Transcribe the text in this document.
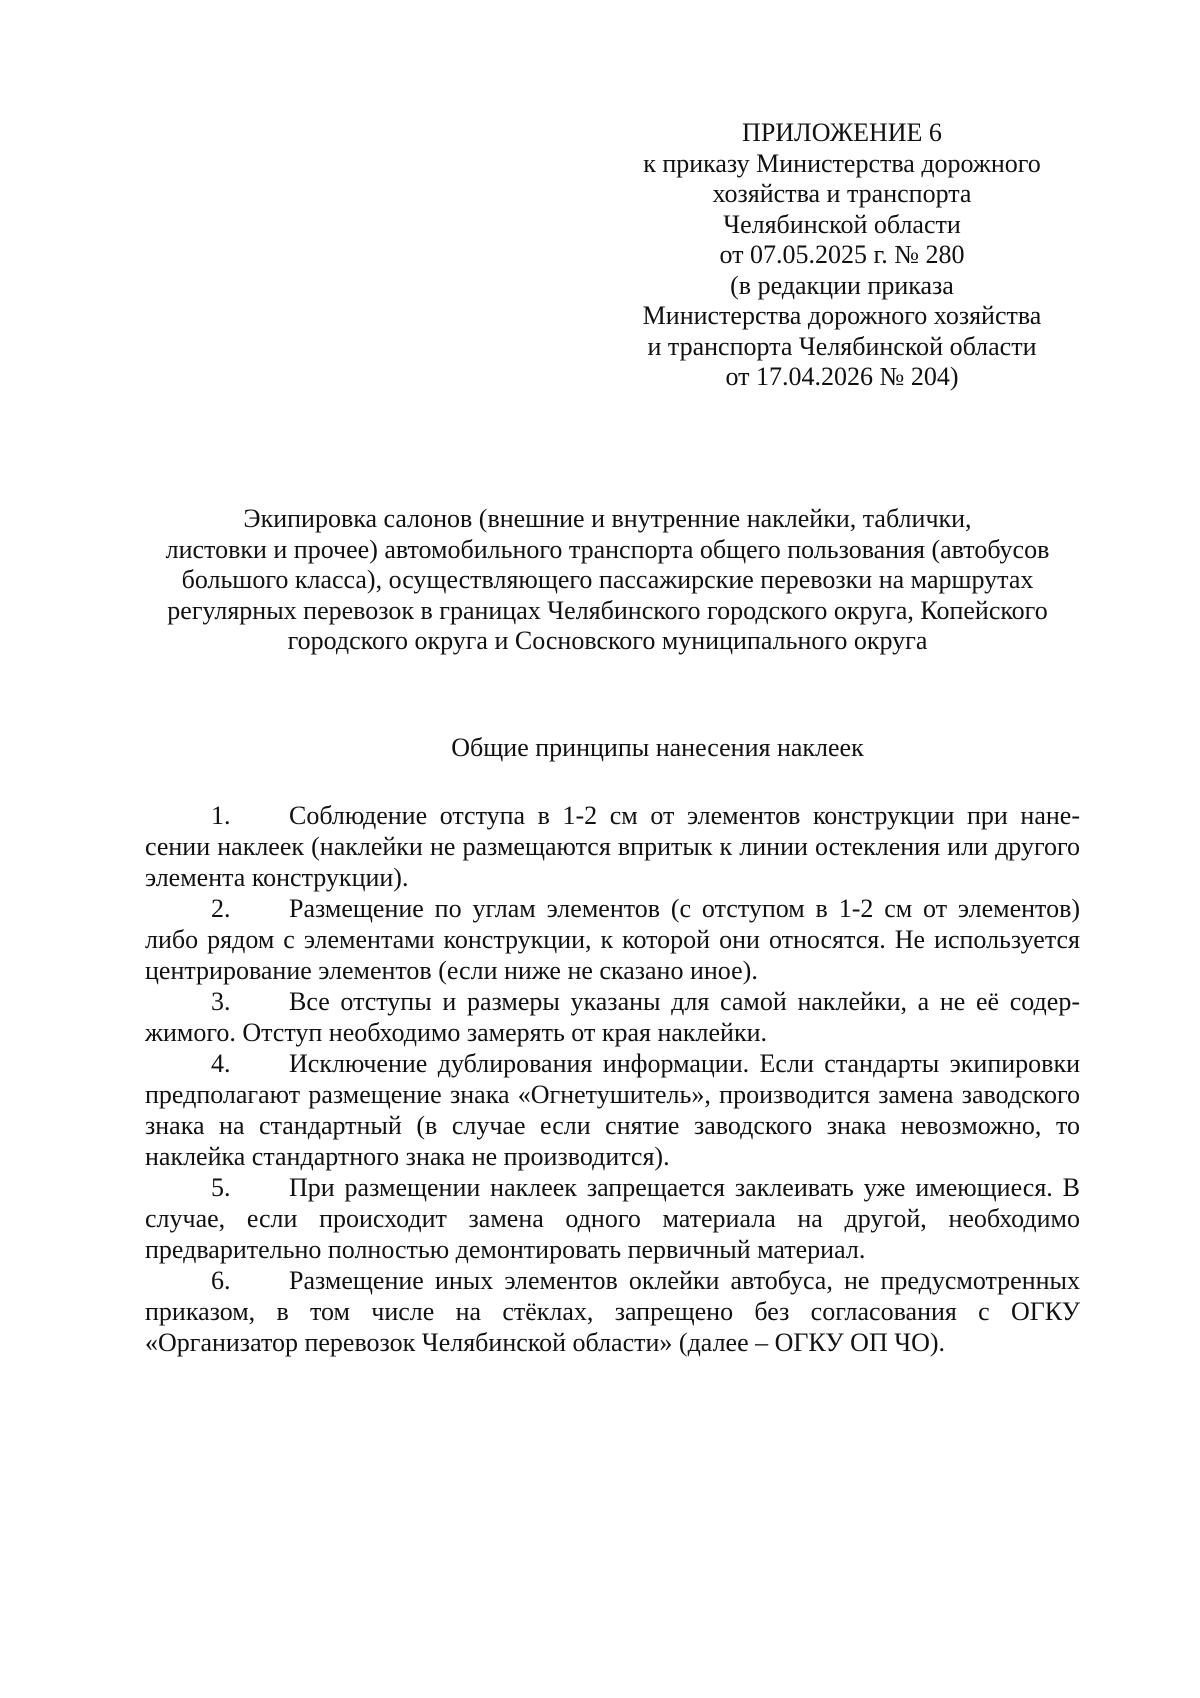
ПРИЛОЖЕНИЕ 6
к приказу Министерства дорожного
хозяйства и транспорта
Челябинской области
от 07.05.2025 г. № 280
(в редакции приказа
Министерства дорожного хозяйства
и транспорта Челябинской области
от 17.04.2026 № 204)
Экипировка салонов (внешние и внутренние наклейки, таблички,
листовки и прочее) автомобильного транспорта общего пользования (автобусов
большого класса), осуществляющего пассажирские перевозки на маршрутах
регулярных перевозок в границах Челябинского городского округа, Копейского
городского округа и Сосновского муниципального округа
Общие принципы нанесения наклеек

1. Соблюдение отступа в 1-2 см от элементов конструкции при нанесении наклеек (наклейки не размещаются впритык к линии остекления или другого элемента конструкции).

2. Размещение по углам элементов (с отступом в 1-2 см от элементов) либо рядом с элементами конструкции, к которой они относятся. Не используется центрирование элементов (если ниже не сказано иное).

3. Все отступы и размеры указаны для самой наклейки, а не её содержимого. Отступ необходимо замерять от края наклейки.

4. Исключение дублирования информации. Если стандарты экипировки предполагают размещение знака «Огнетушитель», производится замена заводского знака на стандартный (в случае если снятие заводского знака невозможно, то наклейка стандартного знака не производится).

5. При размещении наклеек запрещается заклеивать уже имеющиеся. В случае, если происходит замена одного материала на другой, необходимо предварительно полностью демонтировать первичный материал.

6. Размещение иных элементов оклейки автобуса, не предусмотренных приказом, в том числе на стёклах, запрещено без согласования с ОГКУ «Организатор перевозок Челябинской области» (далее – ОГКУ ОП ЧО).
